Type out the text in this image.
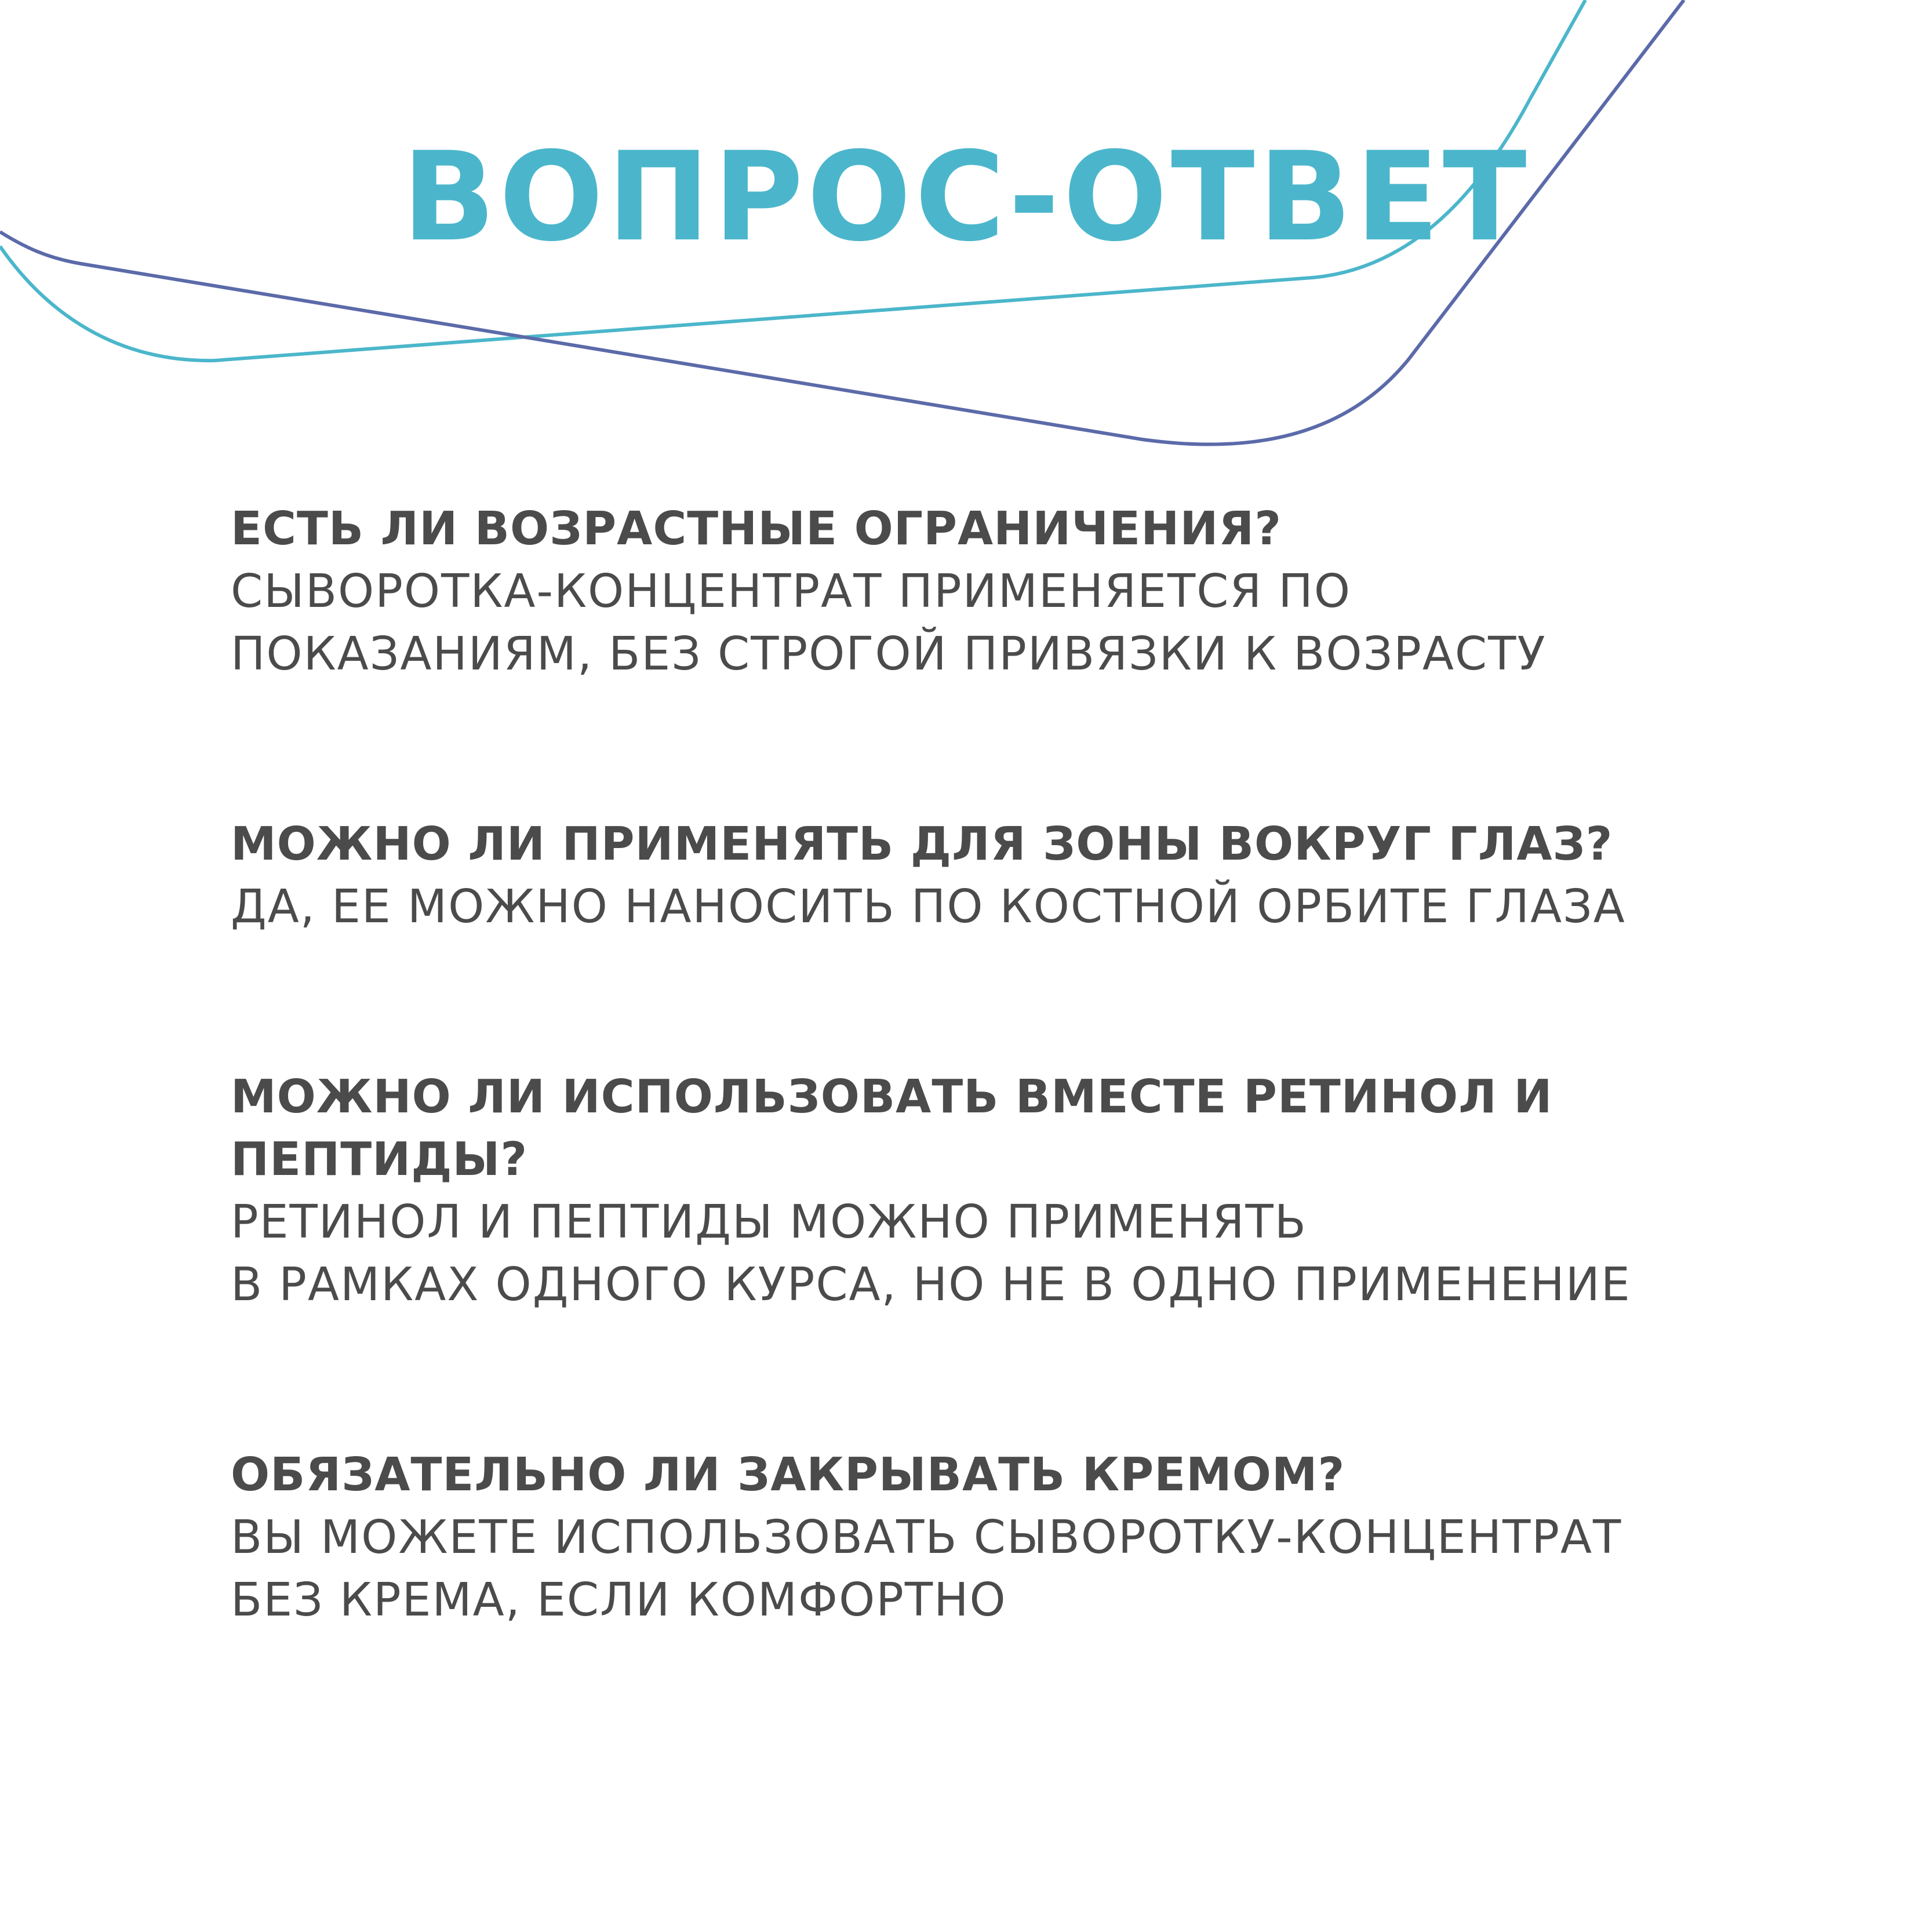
ВОПРОС-ОТВЕТ
ЕСТЬ ЛИ ВОЗРАСТНЫЕ ОГРАНИЧЕНИЯ?
СЫВОРОТКА-КОНЦЕНТРАТ ПРИМЕНЯЕТСЯ ПО
ПОКАЗАНИЯМ, БЕЗ СТРОГОЙ ПРИВЯЗКИ К ВОЗРАСТУ
МОЖНО ЛИ ПРИМЕНЯТЬ ДЛЯ ЗОНЫ ВОКРУГ ГЛАЗ?
ДА, ЕЕ МОЖНО НАНОСИТЬ ПО КОСТНОЙ ОРБИТЕ ГЛАЗА
МОЖНО ЛИ ИСПОЛЬЗОВАТЬ ВМЕСТЕ РЕТИНОЛ И
ПЕПТИДЫ?
РЕТИНОЛ И ПЕПТИДЫ МОЖНО ПРИМЕНЯТЬ
В РАМКАХ ОДНОГО КУРСА, НО НЕ В ОДНО ПРИМЕНЕНИЕ
ОБЯЗАТЕЛЬНО ЛИ ЗАКРЫВАТЬ КРЕМОМ?
ВЫ МОЖЕТЕ ИСПОЛЬЗОВАТЬ СЫВОРОТКУ-КОНЦЕНТРАТ
БЕЗ КРЕМА, ЕСЛИ КОМФОРТНО
